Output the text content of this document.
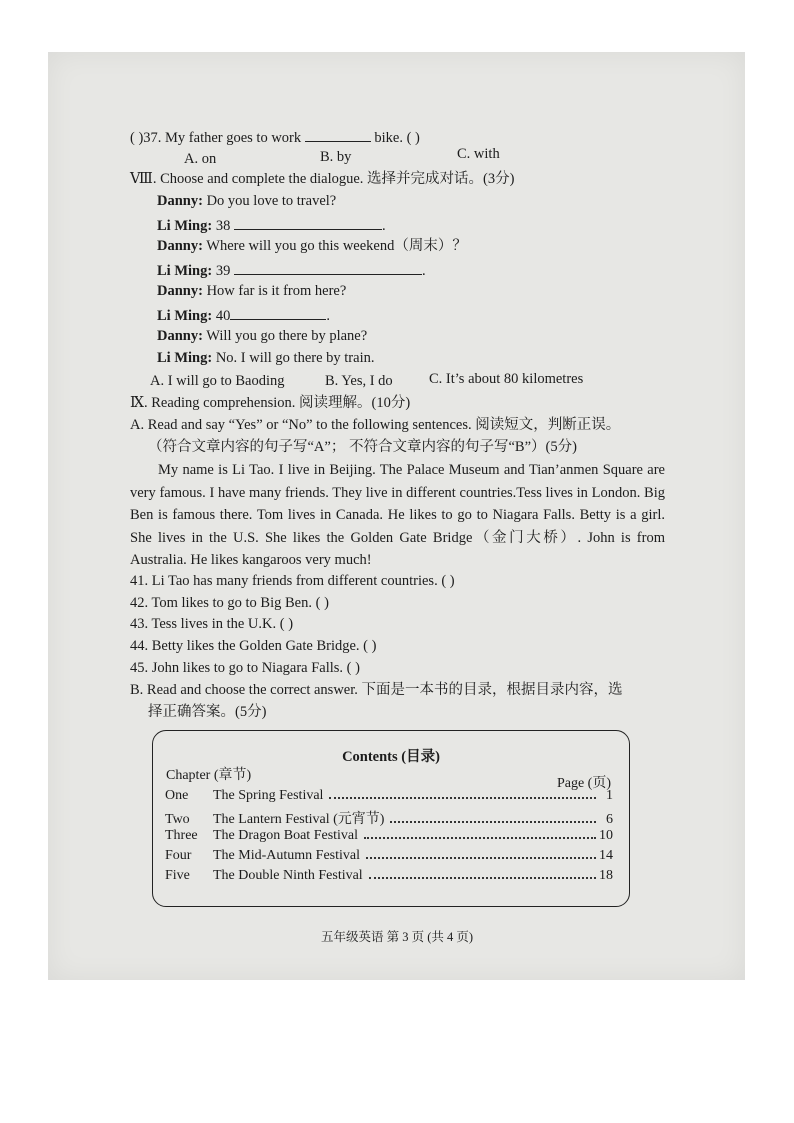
( )37. My father goes to work	bike. ( )
A. on	B. by	C. with
Ⅷ. Choose and complete the dialogue. 选择并完成对话。(3分)
Danny: Do you love to travel?
Li Ming: 38	.
Danny: Where will you go this weekend（周末）？
Li Ming: 39	.
Danny: How far is it from here?
Li Ming: 40	.
Danny: Will you go there by plane?
Li Ming: No. I will go there by train.
A. I will go to Baoding	B. Yes, I do	C. It’s about 80 kilometres
Ⅸ. Reading comprehension. 阅读理解。(10分)
A. Read and say “Yes” or “No” to the following sentences. 阅读短文，判断正误。
（符合文章内容的句子写“A”； 不符合文章内容的句子写“B”）(5分)
My name is Li Tao. I live in Beijing. The Palace Museum and Tian’anmen Square are very famous. I have many friends. They live in different countries.Tess lives in London. Big Ben is famous there. Tom lives in Canada. He likes to go to Niagara Falls. Betty is a girl. She lives in the U.S. She likes the Golden Gate Bridge（金门大桥）. John is from Australia. He likes kangaroos very much!
41. Li Tao has many friends from different countries. ( )
42. Tom likes to go to Big Ben. ( )
43. Tess lives in the U.K. ( )
44. Betty likes the Golden Gate Bridge. ( )
45. John likes to go to Niagara Falls. ( )
B. Read and choose the correct answer. 下面是一本书的目录，根据目录内容，选
择正确答案。(5分)
Contents (目录)
Chapter (章节)
Page (页)
One	The Spring Festival	1
Two	The Lantern Festival (元宵节)	6
Three	The Dragon Boat Festival	10
Four	The Mid-Autumn Festival	14
Five	The Double Ninth Festival	18
五年级英语 第 3 页 (共 4 页)
